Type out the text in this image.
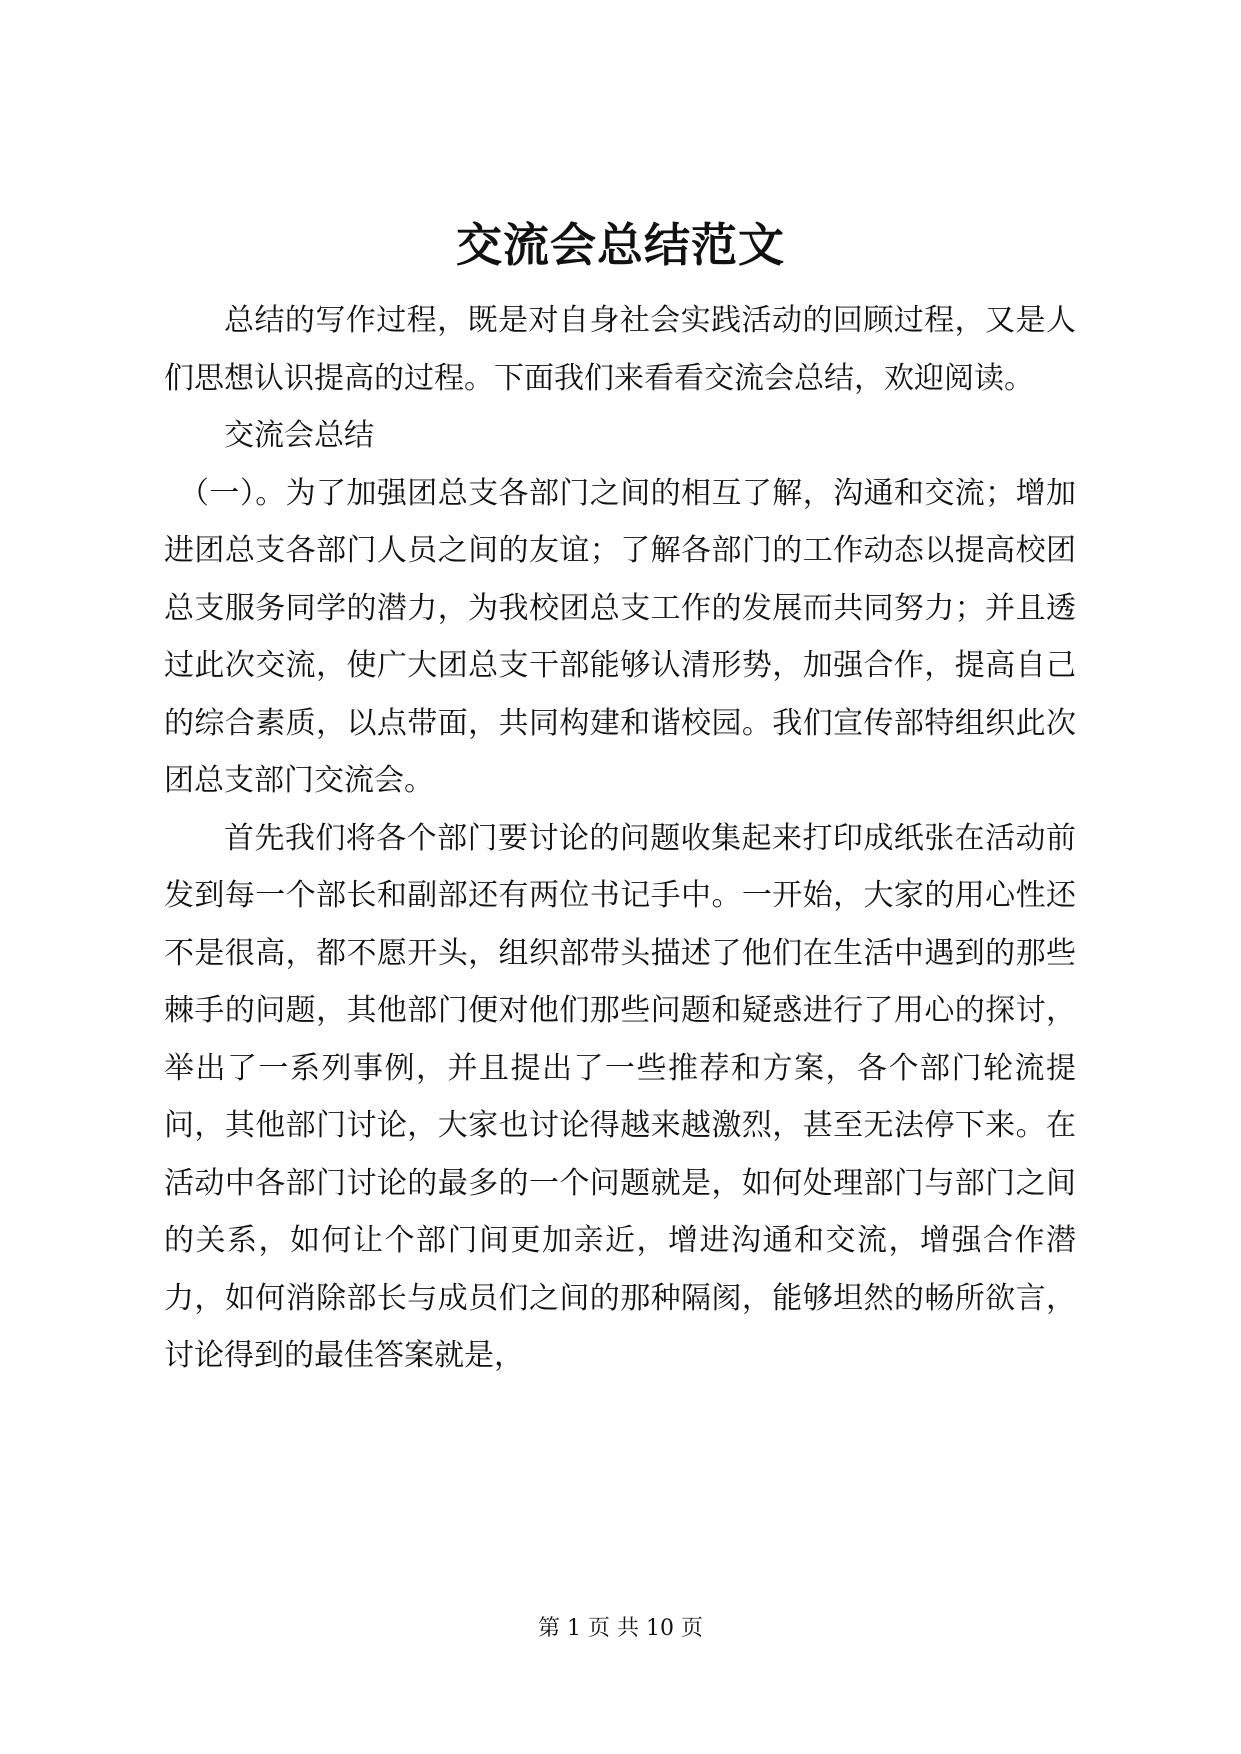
交流会总结范文

总结的写作过程，既是对自身社会实践活动的回顾过程，又是人们思想认识提高的过程。下面我们来看看交流会总结，欢迎阅读。

交流会总结

（一）。为了加强团总支各部门之间的相互了解，沟通和交流；增加进团总支各部门人员之间的友谊；了解各部门的工作动态以提高校团总支服务同学的潜力，为我校团总支工作的发展而共同努力；并且透过此次交流，使广大团总支干部能够认清形势，加强合作，提高自己的综合素质，以点带面，共同构建和谐校园。我们宣传部特组织此次团总支部门交流会。

首先我们将各个部门要讨论的问题收集起来打印成纸张在活动前发到每一个部长和副部还有两位书记手中。一开始，大家的用心性还不是很高，都不愿开头，组织部带头描述了他们在生活中遇到的那些棘手的问题，其他部门便对他们那些问题和疑惑进行了用心的探讨，举出了一系列事例，并且提出了一些推荐和方案，各个部门轮流提问，其他部门讨论，大家也讨论得越来越激烈，甚至无法停下来。在活动中各部门讨论的最多的一个问题就是，如何处理部门与部门之间的关系，如何让个部门间更加亲近，增进沟通和交流，增强合作潜力，如何消除部长与成员们之间的那种隔阂，能够坦然的畅所欲言，讨论得到的最佳答案就是，

第 1 页 共 10 页
